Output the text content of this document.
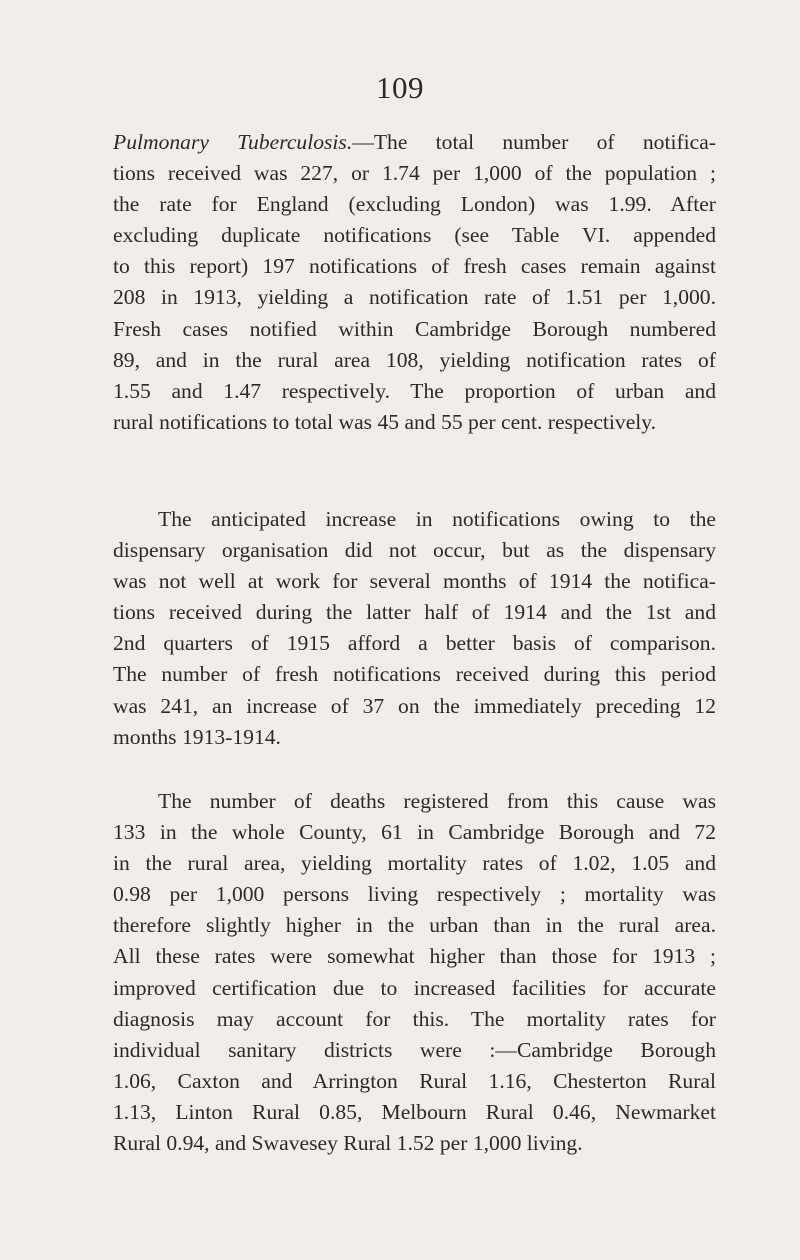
109
Pulmonary Tuberculosis.—The total number of notifica-
tions received was 227, or 1.74 per 1,000 of the population ;
the rate for England (excluding London) was 1.99. After
excluding duplicate notifications (see Table VI. appended
to this report) 197 notifications of fresh cases remain against
208 in 1913, yielding a notification rate of 1.51 per 1,000.
Fresh cases notified within Cambridge Borough numbered
89, and in the rural area 108, yielding notification rates of
1.55 and 1.47 respectively. The proportion of urban and
rural notifications to total was 45 and 55 per cent. respectively.
The anticipated increase in notifications owing to the
dispensary organisation did not occur, but as the dispensary
was not well at work for several months of 1914 the notifica-
tions received during the latter half of 1914 and the 1st and
2nd quarters of 1915 afford a better basis of comparison.
The number of fresh notifications received during this period
was 241, an increase of 37 on the immediately preceding 12
months 1913-1914.
The number of deaths registered from this cause was
133 in the whole County, 61 in Cambridge Borough and 72
in the rural area, yielding mortality rates of 1.02, 1.05 and
0.98 per 1,000 persons living respectively ; mortality was
therefore slightly higher in the urban than in the rural area.
All these rates were somewhat higher than those for 1913 ;
improved certification due to increased facilities for accurate
diagnosis may account for this. The mortality rates for
individual sanitary districts were :—Cambridge Borough
1.06, Caxton and Arrington Rural 1.16, Chesterton Rural
1.13, Linton Rural 0.85, Melbourn Rural 0.46, Newmarket
Rural 0.94, and Swavesey Rural 1.52 per 1,000 living.
